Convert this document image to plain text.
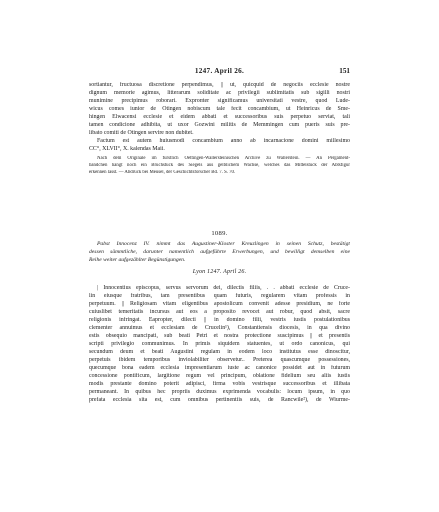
1247. April 26.	151
sortiantur, fructuosa discretione perpendimus, || ut, quicquid de negociis ecclesie nostre
dignum memorie agimus, litterarum soliditate ac privilegii sublimitatis sub sigilli nostri
muniminе precipimus roborari. Exprопter significamus universitati vestre, quod Lude-
wicus comes iunior de Otingen nobiscum tale fecit concambium, ut Heinricus de Sme-
hingen Elwacensi ecclesie et eidem abbati et successoribus suis perpetuo serviat, tali
tamen condicione adhibita, ut uxor Gozwini militis de Memmingen cum pueris suis pre-
libato comiti de Otingen servire non dubitet.
Factum est autem huiusmodi concambium anno ab incarnacione domini millesimo
CC°, XLVII°, X. kalendas Maii.
Nach dem Originale im fürstlich Oettingen-Wallersteinischen Archive zu Wallerstein. — An Pergament-
bändchen hängt noch ein Bruchstück des Siegels aus gelblichem Wachse, welches das Mittelstück der Abtsfigur
erkennen lässt. — Abdruck bei Meusel, der Geschichtsforscher Bd. 7. S. 70.
1089.
Pabst Innocenz IV. nimmt das Augustiner-Kloster Kreuzlingen in seinen Schutz, bestätigt
dessen sämmtliche, darunter namentlich aufgeführte Erwerbungen, und bewilligt demselben eine
Reihe weiter aufgezählter Begünstigungen.
Lyon 1247. April 26.
| Innocentius episcopus, servus servorum dei, dilectis filiis, . . abbati ecclesie de Cruce-
lin eiusque fratribus, tam presentibus quam futuris, regularem vitam professis in
perpetuum. || Religiosam vitam eligentibus apostolicum convenit adesse presidium, ne forte
cuiuslibet temeritatis incursus aut eos a proposito revocet aut robur, quod absit, sacre
religionis infringat. Eapropter, dilecti || in domino filii, vestris iustis postulationibus
clementer annuimus et ecclesiam de Crucelin¹), Constantiensis diocesis, in qua divino
estis obsequio mancipati, sub beati Petri et nostra protectione suscipimus || et presentis
scripti privilegio communimus. In primis siquidem statuentes, ut ordo canonicus, qui
secundum deum et beati Augustini regulam in eodem loco institutus esse dinoscitur,
perpetuis ibidem temporibus inviolabiliter observetur.. Preterea quascumque possessiones,
quecumque bona eadem ecclesia impresentiarum iuste ac canonice possidet aut in futurum
concessione pontificum, largitione regum vel principum, oblatione fidelium seu aliis iustis
modis prestante domino poterit adipisci, firma vobis vestrisque successoribus et illibata
permaneant. In quibus hec propriis duximus exprimenda vocabulis: locum ipsum, in quo
prefata ecclesia sita est, cum omnibus pertinentiis suis, de Rancwile²), de Wiurme-
